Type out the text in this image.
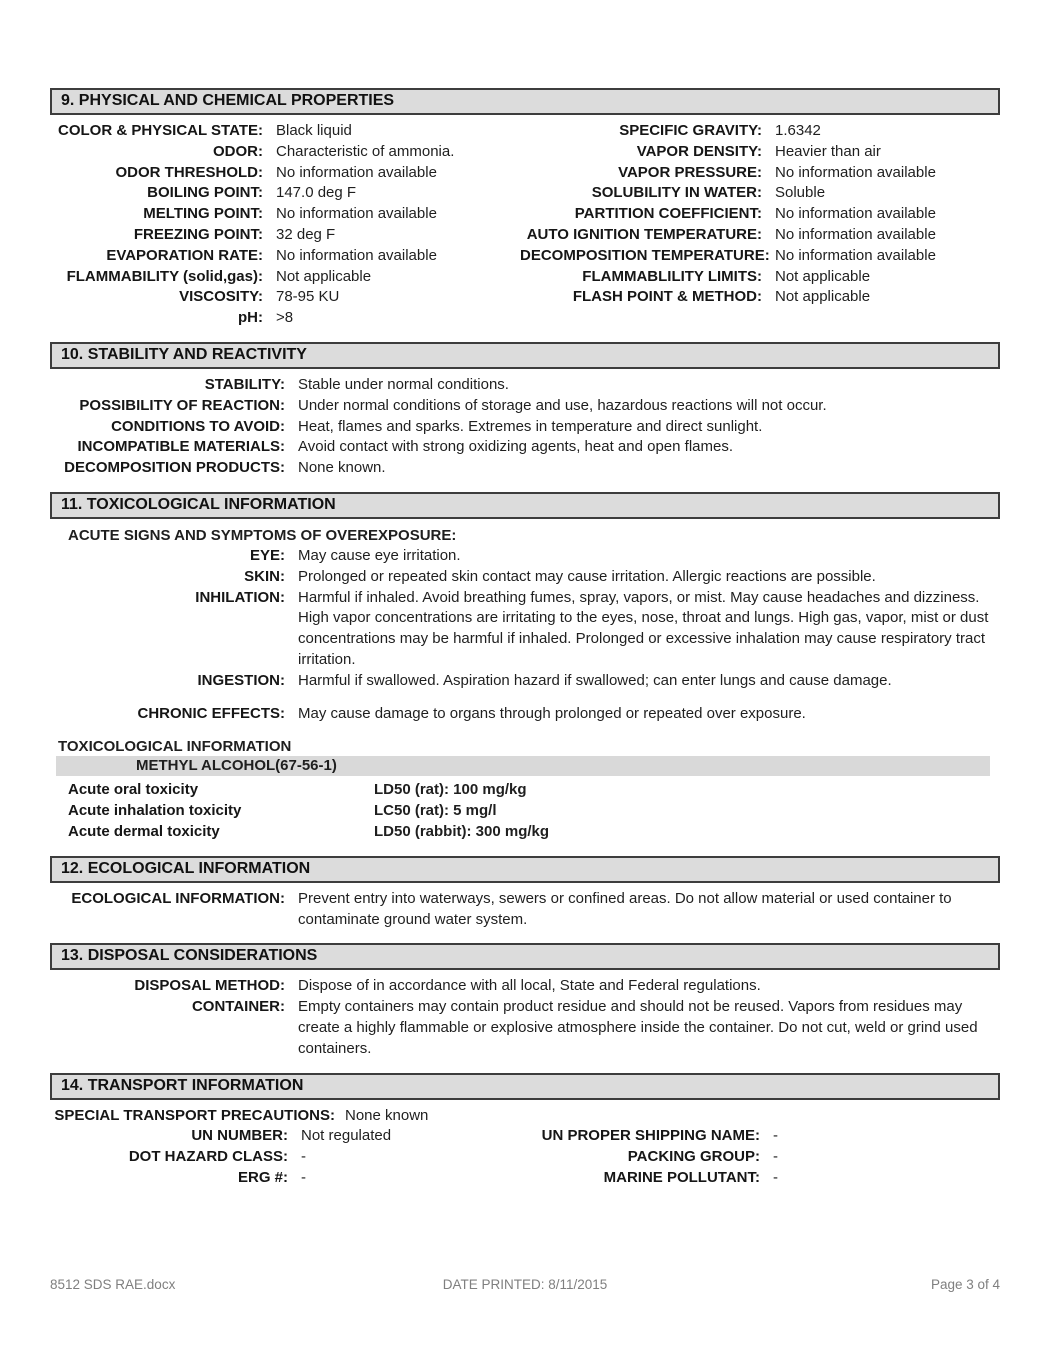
9. PHYSICAL AND CHEMICAL PROPERTIES
COLOR & PHYSICAL STATE: Black liquid
ODOR: Characteristic of ammonia.
ODOR THRESHOLD: No information available
BOILING POINT: 147.0 deg F
MELTING POINT: No information available
FREEZING POINT: 32 deg F
EVAPORATION RATE: No information available
FLAMMABILITY (solid,gas): Not applicable
VISCOSITY: 78-95 KU
pH: >8
SPECIFIC GRAVITY: 1.6342
VAPOR DENSITY: Heavier than air
VAPOR PRESSURE: No information available
SOLUBILITY IN WATER: Soluble
PARTITION COEFFICIENT: No information available
AUTO IGNITION TEMPERATURE: No information available
DECOMPOSITION TEMPERATURE: No information available
FLAMMABLILITY LIMITS: Not applicable
FLASH POINT & METHOD: Not applicable
10. STABILITY AND REACTIVITY
STABILITY: Stable under normal conditions.
POSSIBILITY OF REACTION: Under normal conditions of storage and use, hazardous reactions will not occur.
CONDITIONS TO AVOID: Heat, flames and sparks. Extremes in temperature and direct sunlight.
INCOMPATIBLE MATERIALS: Avoid contact with strong oxidizing agents, heat and open flames.
DECOMPOSITION PRODUCTS: None known.
11. TOXICOLOGICAL INFORMATION
ACUTE SIGNS AND SYMPTOMS OF OVEREXPOSURE:
EYE: May cause eye irritation.
SKIN: Prolonged or repeated skin contact may cause irritation. Allergic reactions are possible.
INHILATION: Harmful if inhaled. Avoid breathing fumes, spray, vapors, or mist. May cause headaches and dizziness. High vapor concentrations are irritating to the eyes, nose, throat and lungs. High gas, vapor, mist or dust concentrations may be harmful if inhaled. Prolonged or excessive inhalation may cause respiratory tract irritation.
INGESTION: Harmful if swallowed. Aspiration hazard if swallowed; can enter lungs and cause damage.
CHRONIC EFFECTS: May cause damage to organs through prolonged or repeated over exposure.
TOXICOLOGICAL INFORMATION
METHYL ALCOHOL(67-56-1)
Acute oral toxicity	LD50 (rat): 100 mg/kg
Acute inhalation toxicity	LC50 (rat): 5 mg/l
Acute dermal toxicity	LD50 (rabbit): 300 mg/kg
12. ECOLOGICAL INFORMATION
ECOLOGICAL INFORMATION: Prevent entry into waterways, sewers or confined areas. Do not allow material or used container to contaminate ground water system.
13. DISPOSAL CONSIDERATIONS
DISPOSAL METHOD: Dispose of in accordance with all local, State and Federal regulations.
CONTAINER: Empty containers may contain product residue and should not be reused. Vapors from residues may create a highly flammable or explosive atmosphere inside the container. Do not cut, weld or grind used containers.
14. TRANSPORT INFORMATION
SPECIAL TRANSPORT PRECAUTIONS: None known
UN NUMBER: Not regulated
DOT HAZARD CLASS: -
ERG #: -
UN PROPER SHIPPING NAME: -
PACKING GROUP: -
MARINE POLLUTANT: -
8512 SDS RAE.docx	DATE PRINTED: 8/11/2015	Page 3 of 4
